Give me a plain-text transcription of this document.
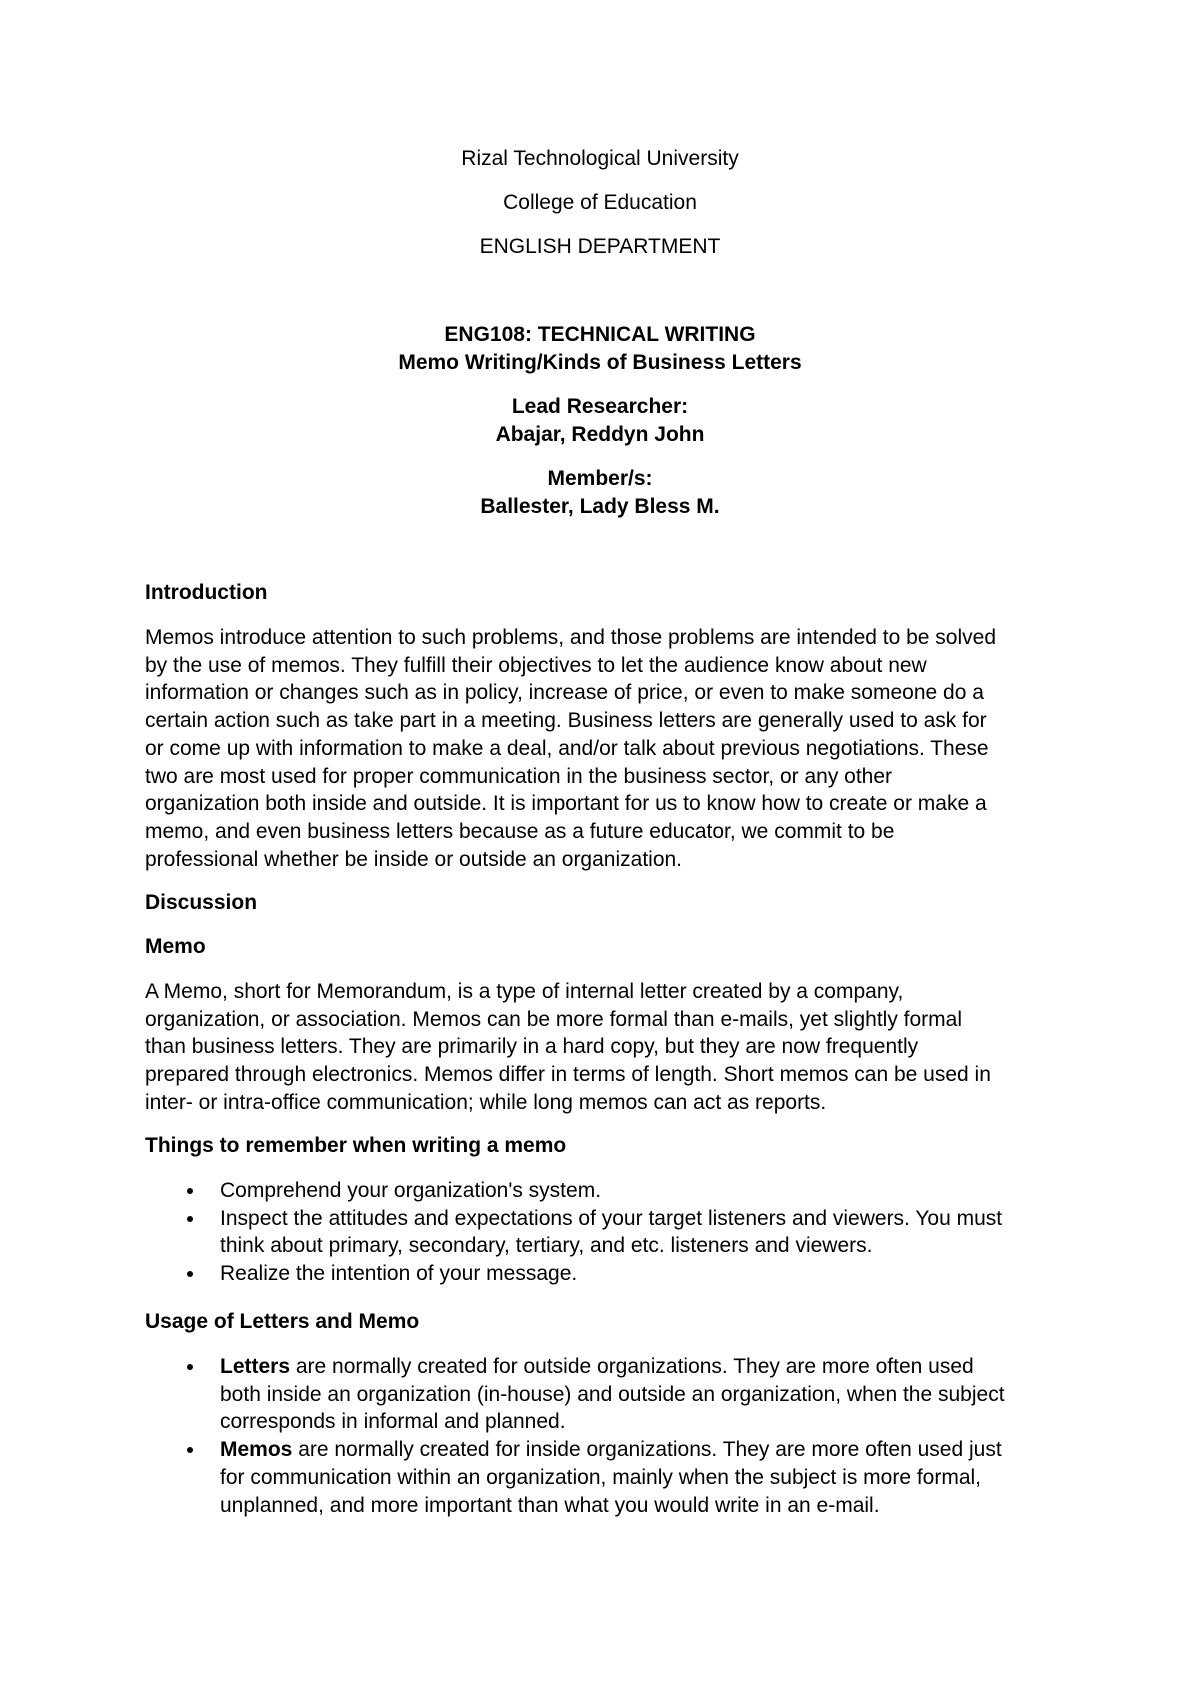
Rizal Technological University
College of Education
ENGLISH DEPARTMENT
ENG108: TECHNICAL WRITING
Memo Writing/Kinds of Business Letters
Lead Researcher:
Abajar, Reddyn John
Member/s:
Ballester, Lady Bless M.
Introduction
Memos introduce attention to such problems, and those problems are intended to be solved
by the use of memos. They fulfill their objectives to let the audience know about new
information or changes such as in policy, increase of price, or even to make someone do a
certain action such as take part in a meeting. Business letters are generally used to ask for
or come up with information to make a deal, and/or talk about previous negotiations. These
two are most used for proper communication in the business sector, or any other
organization both inside and outside. It is important for us to know how to create or make a
memo, and even business letters because as a future educator, we commit to be
professional whether be inside or outside an organization.
Discussion
Memo
A Memo, short for Memorandum, is a type of internal letter created by a company,
organization, or association. Memos can be more formal than e-mails, yet slightly formal
than business letters. They are primarily in a hard copy, but they are now frequently
prepared through electronics. Memos differ in terms of length. Short memos can be used in
inter- or intra-office communication; while long memos can act as reports.
Things to remember when writing a memo
Comprehend your organization's system.
Inspect the attitudes and expectations of your target listeners and viewers. You must
think about primary, secondary, tertiary, and etc. listeners and viewers.
Realize the intention of your message.
Usage of Letters and Memo
Letters are normally created for outside organizations. They are more often used
both inside an organization (in-house) and outside an organization, when the subject
corresponds in informal and planned.
Memos are normally created for inside organizations. They are more often used just
for communication within an organization, mainly when the subject is more formal,
unplanned, and more important than what you would write in an e-mail.
